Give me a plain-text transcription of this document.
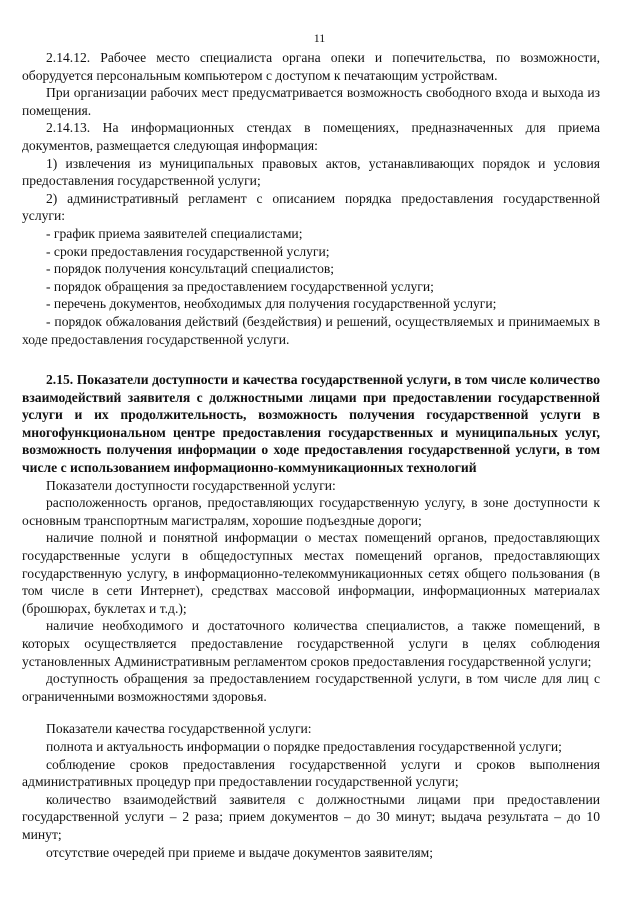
11

2.14.12. Рабочее место специалиста органа опеки и попечительства, по возможности, оборудуется персональным компьютером с доступом к печатающим устройствам.

При организации рабочих мест предусматривается возможность свободного входа и выхода из помещения.

2.14.13. На информационных стендах в помещениях, предназначенных для приема документов, размещается следующая информация:

1) извлечения из муниципальных правовых актов, устанавливающих порядок и условия предоставления государственной услуги;

2) административный регламент с описанием порядка предоставления государственной услуги:

- график приема заявителей специалистами;

- сроки предоставления государственной услуги;

- порядок получения консультаций специалистов;

- порядок обращения за предоставлением государственной услуги;

- перечень документов, необходимых для получения государственной услуги;

- порядок обжалования действий (бездействия) и решений, осуществляемых и принимаемых в ходе предоставления государственной услуги.

2.15. Показатели доступности и качества государственной услуги, в том числе количество взаимодействий заявителя с должностными лицами при предоставлении государственной услуги и их продолжительность, возможность получения государственной услуги в многофункциональном центре предоставления государственных и муниципальных услуг, возможность получения информации о ходе предоставления государственной услуги, в том числе с использованием информационно-коммуникационных технологий

Показатели доступности государственной услуги:

расположенность органов, предоставляющих государственную услугу, в зоне доступности к основным транспортным магистралям, хорошие подъездные дороги;

наличие полной и понятной информации о местах помещений органов, предоставляющих государственные услуги в общедоступных местах помещений органов, предоставляющих государственную услугу, в информационно-телекоммуникационных сетях общего пользования (в том числе в сети Интернет), средствах массовой информации, информационных материалах (брошюрах, буклетах и т.д.);

наличие необходимого и достаточного количества специалистов, а также помещений, в которых осуществляется предоставление государственной услуги в целях соблюдения установленных Административным регламентом сроков предоставления государственной услуги;

доступность обращения за предоставлением государственной услуги, в том числе для лиц с ограниченными возможностями здоровья.

Показатели качества государственной услуги:

полнота и актуальность информации о порядке предоставления государственной услуги;

соблюдение сроков предоставления государственной услуги и сроков выполнения административных процедур при предоставлении государственной услуги;

количество взаимодействий заявителя с должностными лицами при предоставлении государственной услуги – 2 раза; прием документов – до 30 минут; выдача результата – до 10 минут;

отсутствие очередей при приеме и выдаче документов заявителям;
